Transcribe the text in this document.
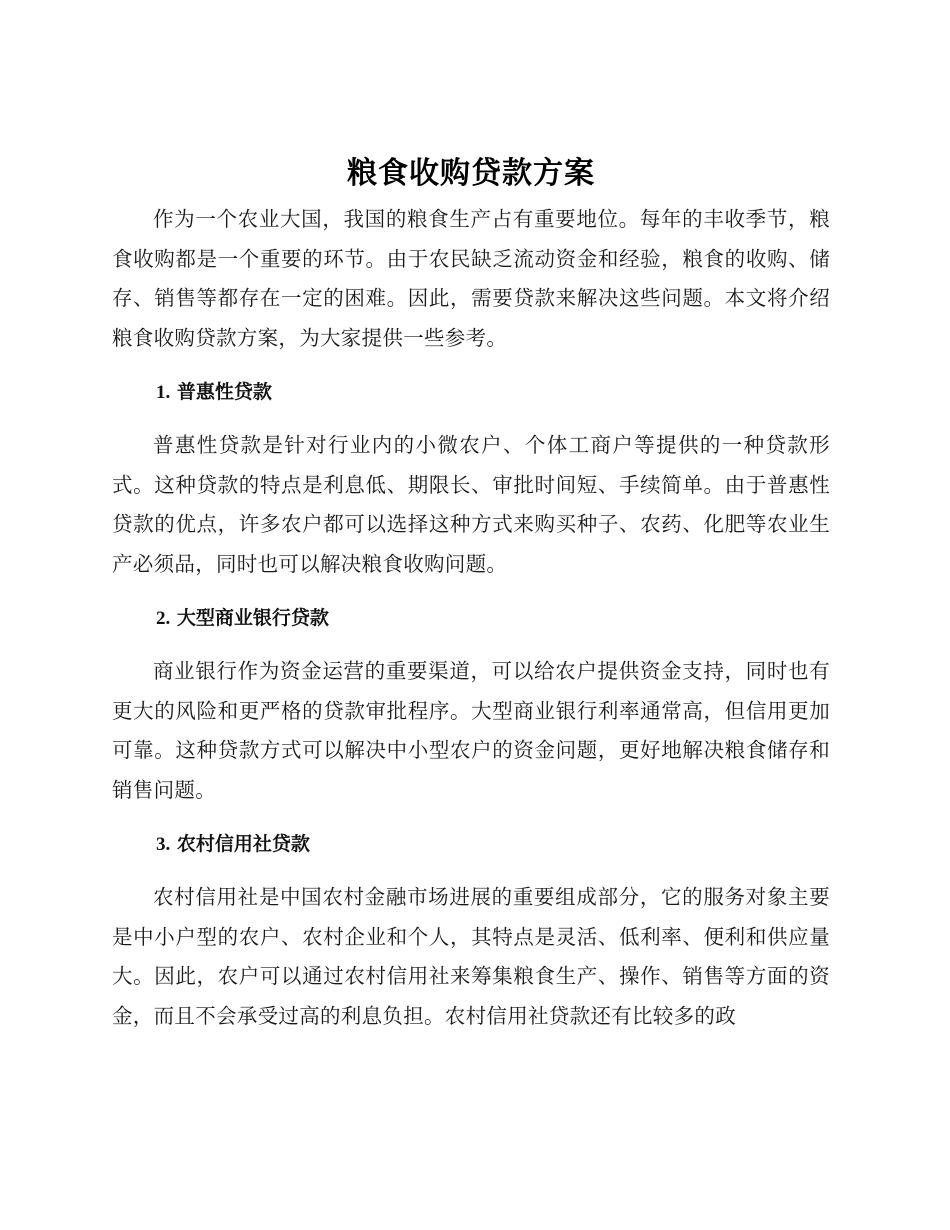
粮食收购贷款方案

作为一个农业大国，我国的粮食生产占有重要地位。每年的丰收季节，粮食收购都是一个重要的环节。由于农民缺乏流动资金和经验，粮食的收购、储存、销售等都存在一定的困难。因此，需要贷款来解决这些问题。本文将介绍粮食收购贷款方案，为大家提供一些参考。

1. 普惠性贷款

普惠性贷款是针对行业内的小微农户、个体工商户等提供的一种贷款形式。这种贷款的特点是利息低、期限长、审批时间短、手续简单。由于普惠性贷款的优点，许多农户都可以选择这种方式来购买种子、农药、化肥等农业生产必须品，同时也可以解决粮食收购问题。

2. 大型商业银行贷款

商业银行作为资金运营的重要渠道，可以给农户提供资金支持，同时也有更大的风险和更严格的贷款审批程序。大型商业银行利率通常高，但信用更加可靠。这种贷款方式可以解决中小型农户的资金问题，更好地解决粮食储存和销售问题。

3. 农村信用社贷款

农村信用社是中国农村金融市场进展的重要组成部分，它的服务对象主要是中小户型的农户、农村企业和个人，其特点是灵活、低利率、便利和供应量大。因此，农户可以通过农村信用社来筹集粮食生产、操作、销售等方面的资金，而且不会承受过高的利息负担。农村信用社贷款还有比较多的政
